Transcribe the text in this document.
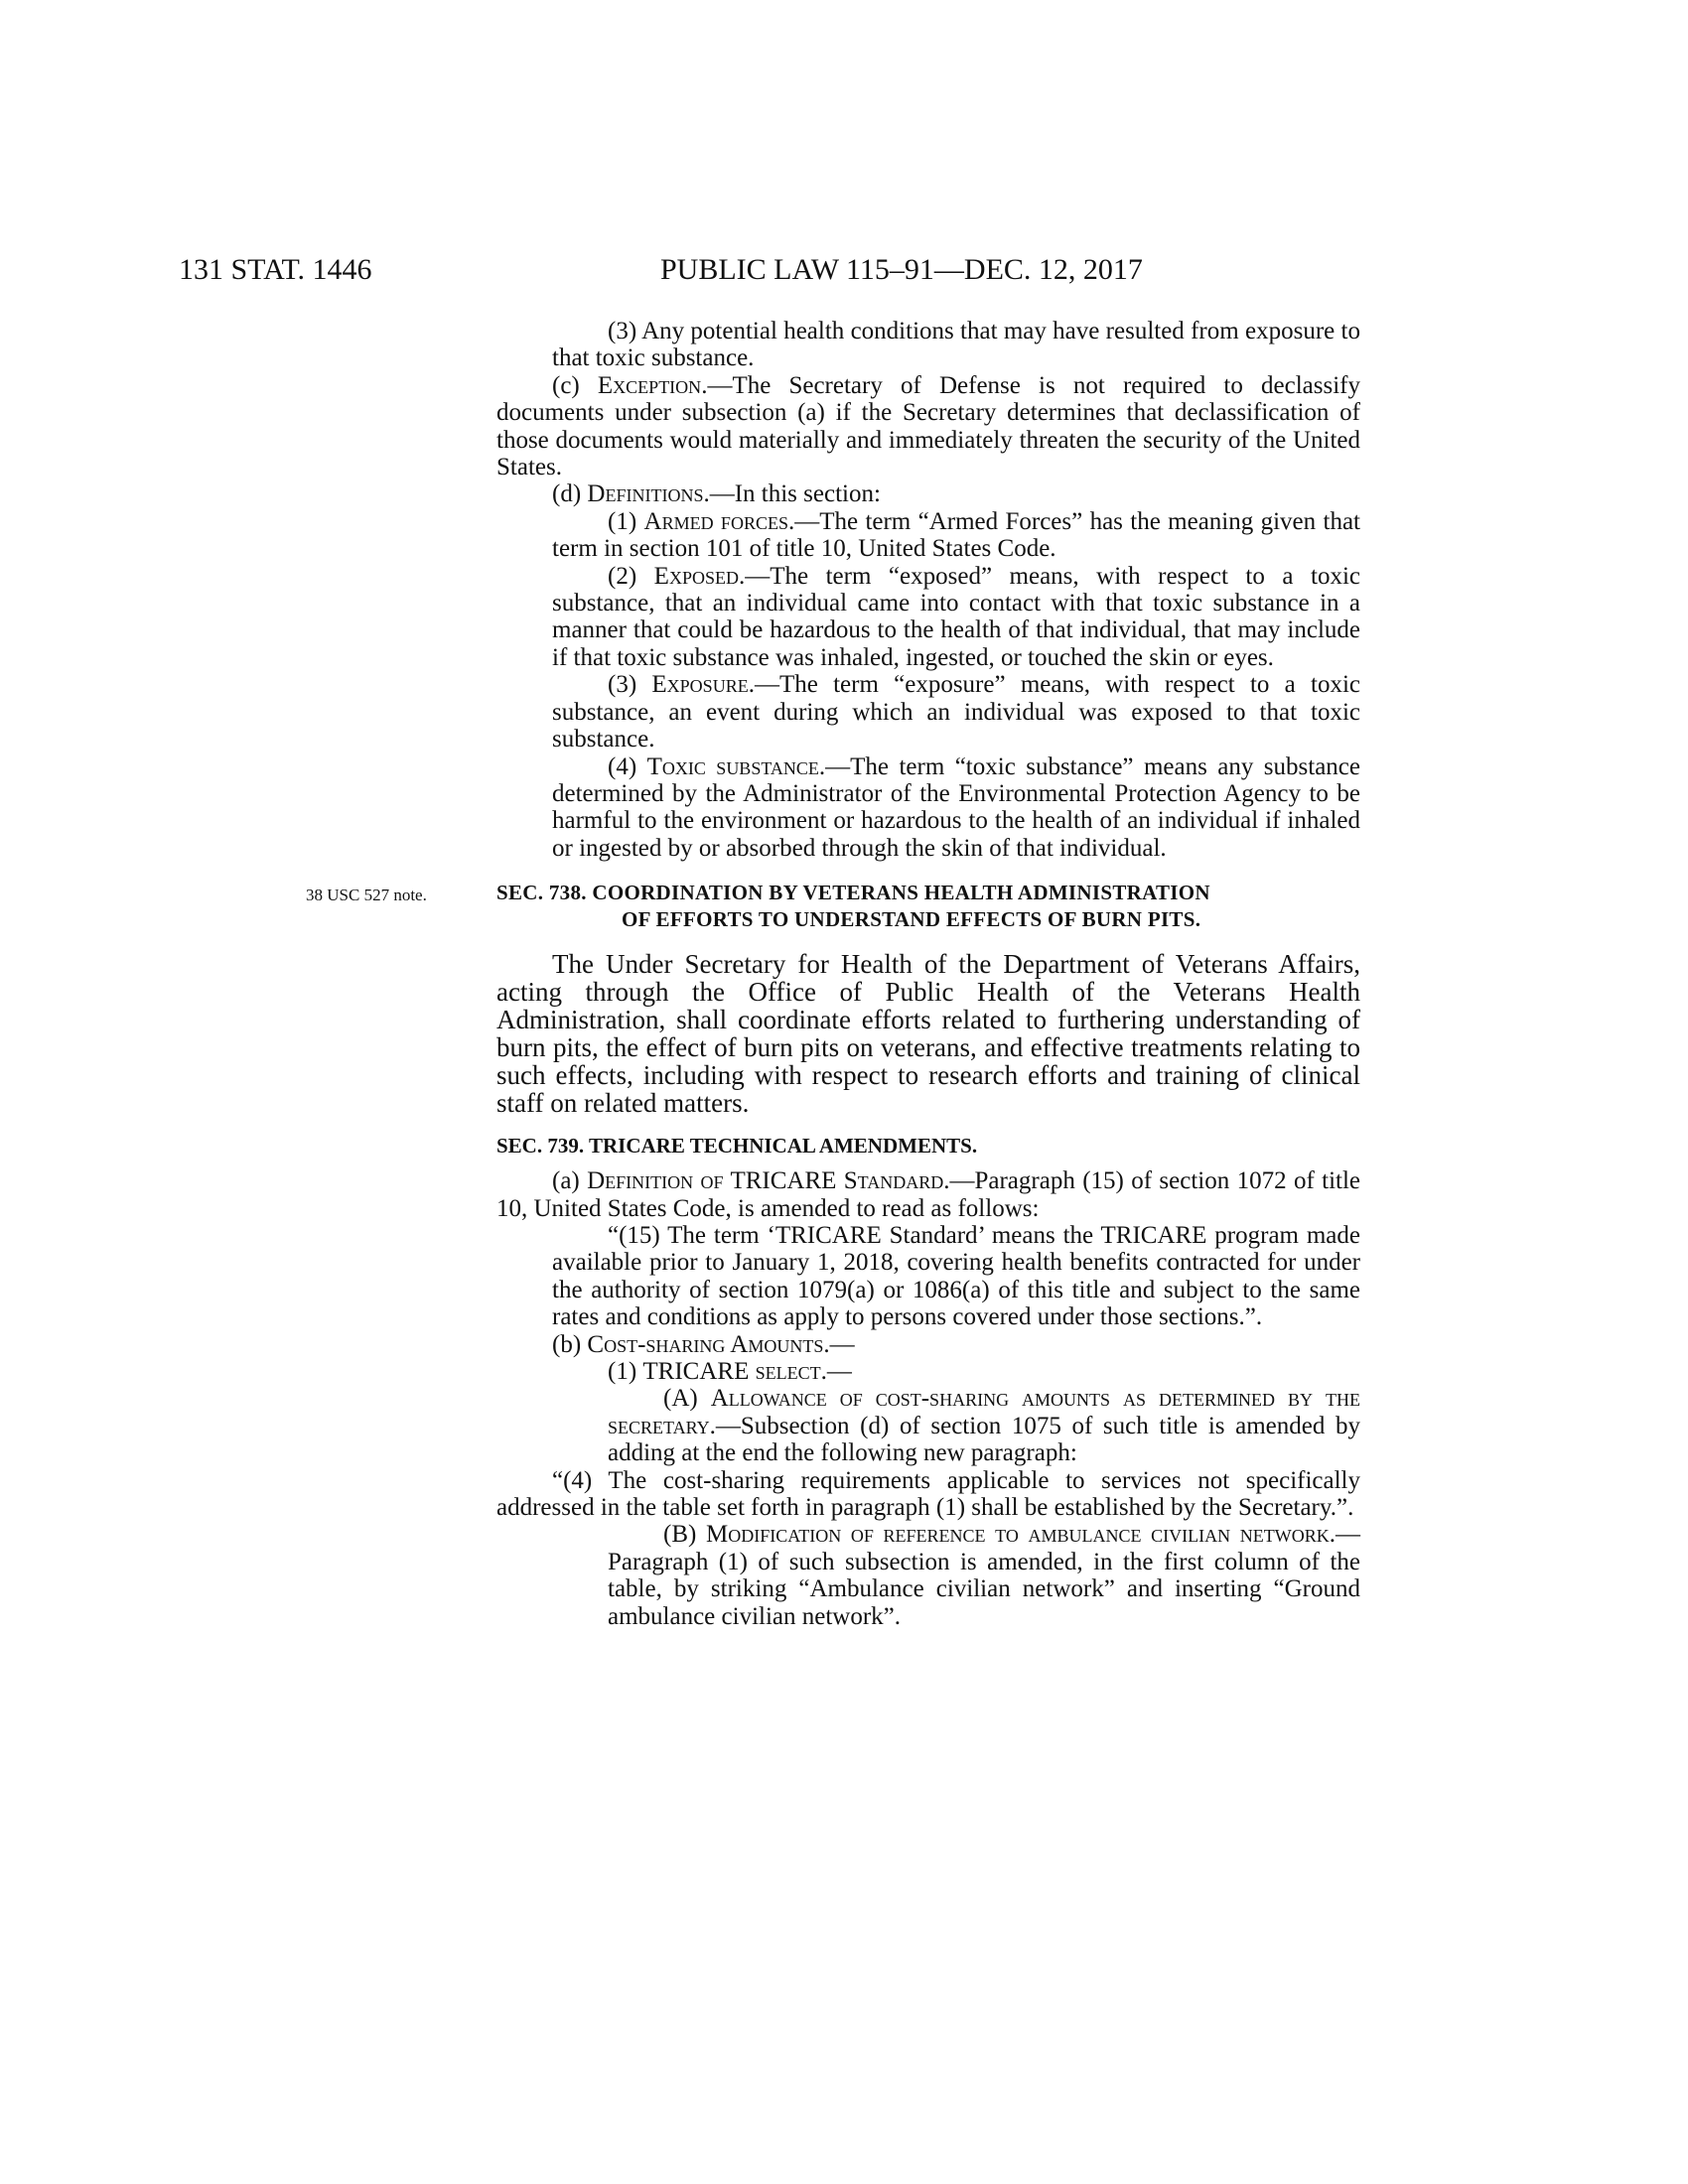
131 STAT. 1446	PUBLIC LAW 115–91—DEC. 12, 2017

(3) Any potential health conditions that may have resulted from exposure to that toxic substance.

(c) Exception.—The Secretary of Defense is not required to declassify documents under subsection (a) if the Secretary determines that declassification of those documents would materially and immediately threaten the security of the United States.

(d) Definitions.—In this section:

(1) Armed forces.—The term “Armed Forces” has the meaning given that term in section 101 of title 10, United States Code.

(2) Exposed.—The term “exposed” means, with respect to a toxic substance, that an individual came into contact with that toxic substance in a manner that could be hazardous to the health of that individual, that may include if that toxic substance was inhaled, ingested, or touched the skin or eyes.

(3) Exposure.—The term “exposure” means, with respect to a toxic substance, an event during which an individual was exposed to that toxic substance.

(4) Toxic substance.—The term “toxic substance” means any substance determined by the Administrator of the Environmental Protection Agency to be harmful to the environment or hazardous to the health of an individual if inhaled or ingested by or absorbed through the skin of that individual.

38 USC 527 note.	SEC. 738. COORDINATION BY VETERANS HEALTH ADMINISTRATION
OF EFFORTS TO UNDERSTAND EFFECTS OF BURN PITS.

The Under Secretary for Health of the Department of Veterans Affairs, acting through the Office of Public Health of the Veterans Health Administration, shall coordinate efforts related to furthering understanding of burn pits, the effect of burn pits on veterans, and effective treatments relating to such effects, including with respect to research efforts and training of clinical staff on related matters.

SEC. 739. TRICARE TECHNICAL AMENDMENTS.

(a) Definition of TRICARE Standard.—Paragraph (15) of section 1072 of title 10, United States Code, is amended to read as follows:

“(15) The term ‘TRICARE Standard’ means the TRICARE program made available prior to January 1, 2018, covering health benefits contracted for under the authority of section 1079(a) or 1086(a) of this title and subject to the same rates and conditions as apply to persons covered under those sections.”.

(b) Cost-sharing Amounts.—

(1) TRICARE select.—

(A) Allowance of cost-sharing amounts as determined by the secretary.—Subsection (d) of section 1075 of such title is amended by adding at the end the following new paragraph:

“(4) The cost-sharing requirements applicable to services not specifically addressed in the table set forth in paragraph (1) shall be established by the Secretary.”.

(B) Modification of reference to ambulance civilian network.—Paragraph (1) of such subsection is amended, in the first column of the table, by striking “Ambulance civilian network” and inserting “Ground ambulance civilian network”.
